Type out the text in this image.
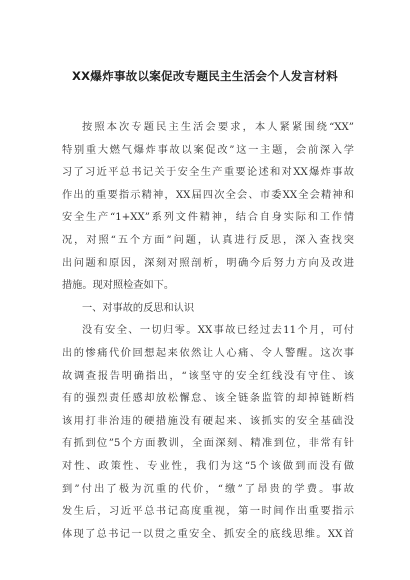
XX爆炸事故以案促改专题民主生活会个人发言材料
按照本次专题民主生活会要求，本人紧紧围绕“XX”
特别重大燃气爆炸事故以案促改”这一主题，会前深入学
习了习近平总书记关于安全生产重要论述和对XX爆炸事故
作出的重要指示精神，XX届四次全会、市委XX全会精神和
安全生产“1+XX”系列文件精神，结合自身实际和工作情
况，对照“五个方面”问题，认真进行反思，深入查找突
出问题和原因，深刻对照剖析，明确今后努力方向及改进
措施。现对照检查如下。
一、对事故的反思和认识
没有安全、一切归零。XX事故已经过去11个月，可付
出的惨痛代价回想起来依然让人心痛、令人警醒。这次事
故调查报告明确指出，“该坚守的安全红线没有守住、该
有的强烈责任感却放松懈怠、该全链条监管的却掉链断档
该用打非治违的硬措施没有硬起来、该抓实的安全基础没
有抓到位”5个方面教训，全面深刻、精准到位，非常有针
对性、政策性、专业性，我们为这“5个该做到而没有做
到”付出了极为沉重的代价，“缴”了昂贵的学费。事故
发生后，习近平总书记高度重视，第一时间作出重要指示
体现了总书记一以贯之重安全、抓安全的底线思维。XX首
